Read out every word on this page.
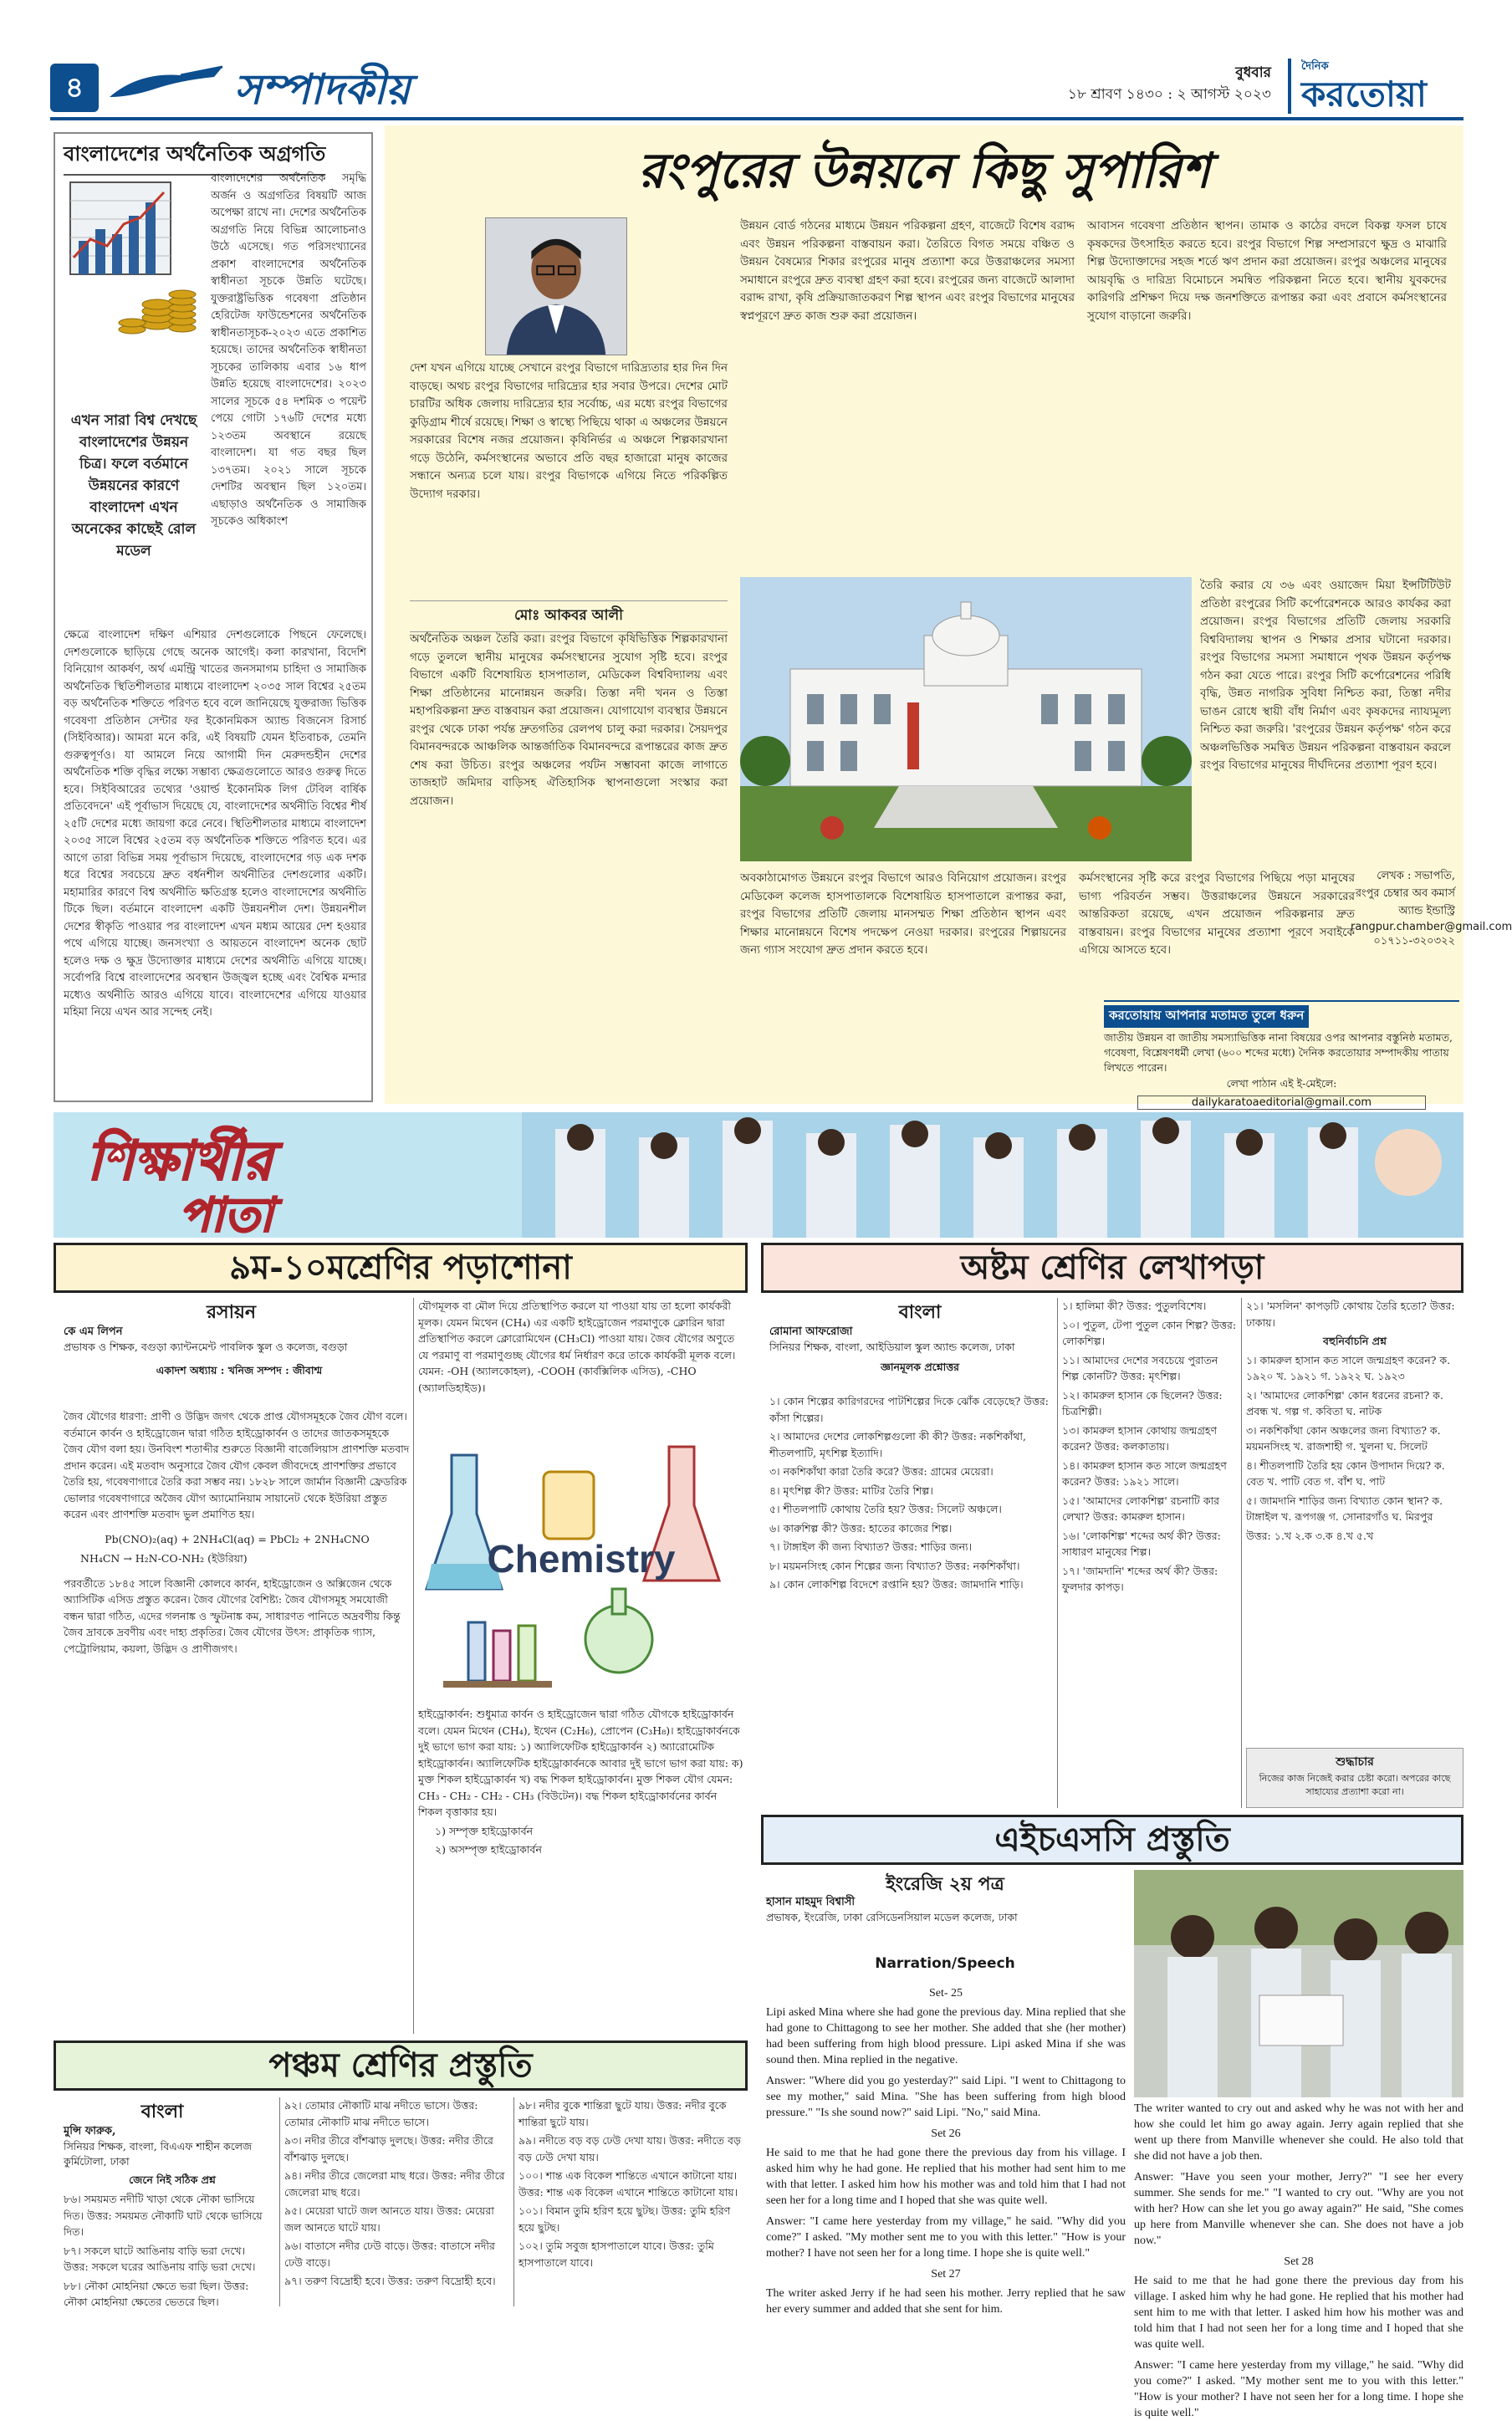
৪	সম্পাদকীয়	বুধবার
১৮ শ্রাবণ ১৪৩০ : ২ আগস্ট ২০২৩
দৈনিক
করতোয়া
বাংলাদেশের অর্থনৈতিক অগ্রগতি
বাংলাদেশের অর্থনৈতিক সমৃদ্ধি অর্জন ও অগ্রগতির বিষয়টি আজ অপেক্ষা রাখে না। দেশের অর্থনৈতিক অগ্রগতি নিয়ে বিভিন্ন আলোচনাও উঠে এসেছে। গত পরিসংখ্যানের প্রকাশ বাংলাদেশের অর্থনৈতিক স্বাধীনতা সূচকে উন্নতি ঘটেছে। যুক্তরাষ্ট্রভিত্তিক গবেষণা প্রতিষ্ঠান হেরিটেজ ফাউন্ডেশনের অর্থনৈতিক স্বাধীনতাসূচক-২০২৩ এতে প্রকাশিত হয়েছে। তাদের অর্থনৈতিক স্বাধীনতা সূচকের তালিকায় এবার ১৬ ধাপ উন্নতি হয়েছে বাংলাদেশের। ২০২৩ সালের সূচকে ৫৪ দশমিক ৩ পয়েন্ট পেয়ে গোটা ১৭৬টি দেশের মধ্যে ১২৩তম অবস্থানে রয়েছে বাংলাদেশ। যা গত বছর ছিল ১৩৭তম। ২০২১ সালে সূচকে দেশটির অবস্থান ছিল ১২০তম। এছাড়াও অর্থনৈতিক ও সামাজিক সূচকেও অধিকাংশ
এখন সারা বিশ্ব দেখছে বাংলাদেশের উন্নয়ন চিত্র। ফলে বর্তমানে উন্নয়নের কারণে বাংলাদেশ এখন অনেকের কাছেই রোল মডেল
ক্ষেত্রে বাংলাদেশ দক্ষিণ এশিয়ার দেশগুলোকে পিছনে ফেলেছে। দেশগুলোকে ছাড়িয়ে গেছে অনেক আগেই। কলা কারখানা, বিদেশি বিনিয়োগ আকর্ষণ, অর্থ এমন্ট্রি খাতের জনসমাগম চাহিদা ও সামাজিক অর্থনৈতিক স্থিতিশীলতার মাধ্যমে বাংলাদেশ ২০৩৫ সাল বিশ্বের ২৫তম বড় অর্থনৈতিক শক্তিতে পরিণত হবে বলে জানিয়েছে যুক্তরাজ্য ভিত্তিক গবেষণা প্রতিষ্ঠান সেন্টার ফর ইকোনমিকস অ্যান্ড বিজনেস রিসার্চ (সিইবিআর)। আমরা মনে করি, এই বিষয়টি যেমন ইতিবাচক, তেমনি গুরুত্বপূর্ণও। যা আমলে নিয়ে আগামী দিন মেরুদন্ডহীন দেশের অর্থনৈতিক শক্তি বৃদ্ধির লক্ষ্যে সম্ভাব্য ক্ষেত্রগুলোতে আরও গুরুত্ব দিতে হবে। সিইবিআরের তথ্যের 'ওয়ার্ল্ড ইকোনমিক লিগ টেবিল বার্ষিক প্রতিবেদনে' এই পূর্বাভাস দিয়েছে যে, বাংলাদেশের অর্থনীতি বিশ্বের শীর্ষ ২৫টি দেশের মধ্যে জায়গা করে নেবে। স্থিতিশীলতার মাধ্যমে বাংলাদেশ ২০৩৫ সালে বিশ্বের ২৫তম বড় অর্থনৈতিক শক্তিতে পরিণত হবে। এর আগে তারা বিভিন্ন সময় পূর্বাভাস দিয়েছে, বাংলাদেশের গড় এক দশক ধরে বিশ্বের সবচেয়ে দ্রুত বর্ধনশীল অর্থনীতির দেশগুলোর একটি। মহামারির কারণে বিশ্ব অর্থনীতি ক্ষতিগ্রস্ত হলেও বাংলাদেশের অর্থনীতি টিকে ছিল। বর্তমানে বাংলাদেশ একটি উন্নয়নশীল দেশ। উন্নয়নশীল দেশের স্বীকৃতি পাওয়ার পর বাংলাদেশ এখন মধ্যম আয়ের দেশ হওয়ার পথে এগিয়ে যাচ্ছে। জনসংখ্যা ও আয়তনে বাংলাদেশ অনেক ছোট হলেও দক্ষ ও ক্ষুদ্র উদ্যোক্তার মাধ্যমে দেশের অর্থনীতি এগিয়ে যাচ্ছে। সর্বোপরি বিশ্বে বাংলাদেশের অবস্থান উজ্জ্বল হচ্ছে এবং বৈশ্বিক মন্দার মধ্যেও অর্থনীতি আরও এগিয়ে যাবে। বাংলাদেশের এগিয়ে যাওয়ার মহিমা নিয়ে এখন আর সন্দেহ নেই।
রংপুরের উন্নয়নে কিছু সুপারিশ
দেশ যখন এগিয়ে যাচ্ছে সেখানে রংপুর বিভাগে দারিদ্র্যতার হার দিন দিন বাড়ছে। অথচ রংপুর বিভাগের দারিদ্র্যের হার সবার উপরে। দেশের মোট চারটির অধিক জেলায় দারিদ্র্যের হার সর্বোচ্চ, এর মধ্যে রংপুর বিভাগের কুড়িগ্রাম শীর্ষে রয়েছে। শিক্ষা ও স্বাস্থ্যে পিছিয়ে থাকা এ অঞ্চলের উন্নয়নে সরকারের বিশেষ নজর প্রয়োজন। কৃষিনির্ভর এ অঞ্চলে শিল্পকারখানা গড়ে উঠেনি, কর্মসংস্থানের অভাবে প্রতি বছর হাজারো মানুষ কাজের সন্ধানে অন্যত্র চলে যায়। রংপুর বিভাগকে এগিয়ে নিতে পরিকল্পিত উদ্যোগ দরকার।
মোঃ আকবর আলী
অর্থনৈতিক অঞ্চল তৈরি করা। রংপুর বিভাগে কৃষিভিত্তিক শিল্পকারখানা গড়ে তুললে স্থানীয় মানুষের কর্মসংস্থানের সুযোগ সৃষ্টি হবে। রংপুর বিভাগে একটি বিশেষায়িত হাসপাতাল, মেডিকেল বিশ্ববিদ্যালয় এবং শিক্ষা প্রতিষ্ঠানের মানোন্নয়ন জরুরি। তিস্তা নদী খনন ও তিস্তা মহাপরিকল্পনা দ্রুত বাস্তবায়ন করা প্রয়োজন। যোগাযোগ ব্যবস্থার উন্নয়নে রংপুর থেকে ঢাকা পর্যন্ত দ্রুতগতির রেলপথ চালু করা দরকার। সৈয়দপুর বিমানবন্দরকে আঞ্চলিক আন্তর্জাতিক বিমানবন্দরে রূপান্তরের কাজ দ্রুত শেষ করা উচিত। রংপুর অঞ্চলের পর্যটন সম্ভাবনা কাজে লাগাতে তাজহাট জমিদার বাড়িসহ ঐতিহাসিক স্থাপনাগুলো সংস্কার করা প্রয়োজন।
উন্নয়ন বোর্ড গঠনের মাধ্যমে উন্নয়ন পরিকল্পনা গ্রহণ, বাজেটে বিশেষ বরাদ্দ এবং উন্নয়ন পরিকল্পনা বাস্তবায়ন করা। তৈরিতে বিগত সময়ে বঞ্চিত ও উন্নয়ন বৈষম্যের শিকার রংপুরের মানুষ প্রত্যাশা করে উত্তরাঞ্চলের সমস্যা সমাধানে রংপুরে দ্রুত ব্যবস্থা গ্রহণ করা হবে। রংপুরের জন্য বাজেটে আলাদা বরাদ্দ রাখা, কৃষি প্রক্রিয়াজাতকরণ শিল্প স্থাপন এবং রংপুর বিভাগের মানুষের স্বপ্নপূরণে দ্রুত কাজ শুরু করা প্রয়োজন।
আবাসন গবেষণা প্রতিষ্ঠান স্থাপন। তামাক ও কাঠের বদলে বিকল্প ফসল চাষে কৃষকদের উৎসাহিত করতে হবে। রংপুর বিভাগে শিল্প সম্প্রসারণে ক্ষুদ্র ও মাঝারি শিল্প উদ্যোক্তাদের সহজ শর্তে ঋণ প্রদান করা প্রয়োজন। রংপুর অঞ্চলের মানুষের আয়বৃদ্ধি ও দারিদ্র্য বিমোচনে সমন্বিত পরিকল্পনা নিতে হবে। স্থানীয় যুবকদের কারিগরি প্রশিক্ষণ দিয়ে দক্ষ জনশক্তিতে রূপান্তর করা এবং প্রবাসে কর্মসংস্থানের সুযোগ বাড়ানো জরুরি।
তৈরি করার যে ৩৬ এবং ওয়াজেদ মিয়া ইন্সটিটিউট প্রতিষ্ঠা রংপুরের সিটি কর্পোরেশনকে আরও কার্যকর করা প্রয়োজন। রংপুর বিভাগের প্রতিটি জেলায় সরকারি বিশ্ববিদ্যালয় স্থাপন ও শিক্ষার প্রসার ঘটানো দরকার। রংপুর বিভাগের সমস্যা সমাধানে পৃথক উন্নয়ন কর্তৃপক্ষ গঠন করা যেতে পারে। রংপুর সিটি কর্পোরেশনের পরিধি বৃদ্ধি, উন্নত নাগরিক সুবিধা নিশ্চিত করা, তিস্তা নদীর ভাঙন রোধে স্থায়ী বাঁধ নির্মাণ এবং কৃষকদের ন্যায্যমূল্য নিশ্চিত করা জরুরি। 'রংপুরের উন্নয়ন কর্তৃপক্ষ' গঠন করে অঞ্চলভিত্তিক সমন্বিত উন্নয়ন পরিকল্পনা বাস্তবায়ন করলে রংপুর বিভাগের মানুষের দীর্ঘদিনের প্রত্যাশা পূরণ হবে।
অবকাঠামোগত উন্নয়নে রংপুর বিভাগে আরও বিনিয়োগ প্রয়োজন। রংপুর মেডিকেল কলেজ হাসপাতালকে বিশেষায়িত হাসপাতালে রূপান্তর করা, রংপুর বিভাগের প্রতিটি জেলায় মানসম্মত শিক্ষা প্রতিষ্ঠান স্থাপন এবং শিক্ষার মানোন্নয়নে বিশেষ পদক্ষেপ নেওয়া দরকার। রংপুরের শিল্পায়নের জন্য গ্যাস সংযোগ দ্রুত প্রদান করতে হবে।
কর্মসংস্থানের সৃষ্টি করে রংপুর বিভাগের পিছিয়ে পড়া মানুষের ভাগ্য পরিবর্তন সম্ভব। উত্তরাঞ্চলের উন্নয়নে সরকারের আন্তরিকতা রয়েছে, এখন প্রয়োজন পরিকল্পনার দ্রুত বাস্তবায়ন। রংপুর বিভাগের মানুষের প্রত্যাশা পূরণে সবাইকে এগিয়ে আসতে হবে।
লেখক : সভাপতি, রংপুর চেম্বার অব কমার্স অ্যান্ড ইন্ডাস্ট্রি
rangpur.chamber@gmail.com
০১৭১১-৩২০৩২২
করতোয়ায় আপনার মতামত তুলে ধরুন
জাতীয় উন্নয়ন বা জাতীয় সমস্যাভিত্তিক নানা বিষয়ের ওপর আপনার বস্তুনিষ্ঠ মতামত, গবেষণা, বিশ্লেষণধর্মী লেখা (৬০০ শব্দের মধ্যে) দৈনিক করতোয়ার সম্পাদকীয় পাতায় লিখতে পারেন।
লেখা পাঠান এই ই-মেইলে:
dailykaratoaeditorial@gmail.com
শিক্ষার্থীর
পাতা
৯ম-১০মশ্রেণির পড়াশোনা	অষ্টম শ্রেণির লেখাপড়া
এইচএসসি প্রস্তুতি
পঞ্চম শ্রেণির প্রস্তুতি
রসায়ন
কে এম লিপন
প্রভাষক ও শিক্ষক, বগুড়া ক্যান্টনমেন্ট পাবলিক স্কুল ও কলেজ, বগুড়া
একাদশ অধ্যায় : খনিজ সম্পদ : জীবাশ্ম

জৈব যৌগের ধারণা: প্রাণী ও উদ্ভিদ জগৎ থেকে প্রাপ্ত যৌগসমূহকে জৈব যৌগ বলে। বর্তমানে কার্বন ও হাইড্রোজেন দ্বারা গঠিত হাইড্রোকার্বন ও তাদের জাতকসমূহকে জৈব যৌগ বলা হয়। উনবিংশ শতাব্দীর শুরুতে বিজ্ঞানী বার্জেলিয়াস প্রাণশক্তি মতবাদ প্রদান করেন। এই মতবাদ অনুসারে জৈব যৌগ কেবল জীবদেহে প্রাণশক্তির প্রভাবে তৈরি হয়, গবেষণাগারে তৈরি করা সম্ভব নয়। ১৮২৮ সালে জার্মান বিজ্ঞানী ফ্রেডরিক ভোলার গবেষণাগারে অজৈব যৌগ অ্যামোনিয়াম সায়ানেট থেকে ইউরিয়া প্রস্তুত করেন এবং প্রাণশক্তি মতবাদ ভুল প্রমাণিত হয়।

Pb(CNO)₂(aq) + 2NH₄Cl(aq) = PbCl₂ + 2NH₄CNO

NH₄CN → H₂N-CO-NH₂ (ইউরিয়া)

পরবর্তীতে ১৮৪৫ সালে বিজ্ঞানী কোলবে কার্বন, হাইড্রোজেন ও অক্সিজেন থেকে অ্যাসিটিক এসিড প্রস্তুত করেন। জৈব যৌগের বৈশিষ্ট্য: জৈব যৌগসমূহ সমযোজী বন্ধন দ্বারা গঠিত, এদের গলনাঙ্ক ও স্ফুটনাঙ্ক কম, সাধারণত পানিতে অদ্রবণীয় কিন্তু জৈব দ্রাবকে দ্রবণীয় এবং দাহ্য প্রকৃতির। জৈব যৌগের উৎস: প্রাকৃতিক গ্যাস, পেট্রোলিয়াম, কয়লা, উদ্ভিদ ও প্রাণীজগৎ।

যৌগমূলক বা মৌল দিয়ে প্রতিস্থাপিত করলে যা পাওয়া যায় তা হলো কার্যকরী মূলক। যেমন মিথেন (CH₄) এর একটি হাইড্রোজেন পরমাণুকে ক্লোরিন দ্বারা প্রতিস্থাপিত করলে ক্লোরোমিথেন (CH₃Cl) পাওয়া যায়। জৈব যৌগের অণুতে যে পরমাণু বা পরমাণুগুচ্ছ যৌগের ধর্ম নির্ধারণ করে তাকে কার্যকরী মূলক বলে। যেমন: -OH (অ্যালকোহল), -COOH (কার্বক্সিলিক এসিড), -CHO (অ্যালডিহাইড)।
Chemistry

হাইড্রোকার্বন: শুধুমাত্র কার্বন ও হাইড্রোজেন দ্বারা গঠিত যৌগকে হাইড্রোকার্বন বলে। যেমন মিথেন (CH₄), ইথেন (C₂H₆), প্রোপেন (C₃H₈)। হাইড্রোকার্বনকে দুই ভাগে ভাগ করা যায়: ১) অ্যালিফেটিক হাইড্রোকার্বন ২) অ্যারোমেটিক হাইড্রোকার্বন। অ্যালিফেটিক হাইড্রোকার্বনকে আবার দুই ভাগে ভাগ করা যায়: ক) মুক্ত শিকল হাইড্রোকার্বন খ) বদ্ধ শিকল হাইড্রোকার্বন। মুক্ত শিকল যৌগ যেমন: CH₃ - CH₂ - CH₂ - CH₃ (বিউটেন)। বদ্ধ শিকল হাইড্রোকার্বনের কার্বন শিকল বৃত্তাকার হয়।

১) সম্পৃক্ত হাইড্রোকার্বন

২) অসম্পৃক্ত হাইড্রোকার্বন

বাংলা
রোমানা আফরোজা
সিনিয়র শিক্ষক, বাংলা, আইডিয়াল স্কুল অ্যান্ড কলেজ, ঢাকা
জ্ঞানমূলক প্রশ্নোত্তর

১। কোন শিল্পের কারিগরদের পাটশিল্পের দিকে ঝোঁক বেড়েছে? উত্তর: কাঁসা শিল্পের।

২। আমাদের দেশের লোকশিল্পগুলো কী কী? উত্তর: নকশিকাঁথা, শীতলপাটি, মৃৎশিল্প ইত্যাদি।

৩। নকশিকাঁথা কারা তৈরি করে? উত্তর: গ্রামের মেয়েরা।

৪। মৃৎশিল্প কী? উত্তর: মাটির তৈরি শিল্প।

৫। শীতলপাটি কোথায় তৈরি হয়? উত্তর: সিলেট অঞ্চলে।

৬। কারুশিল্প কী? উত্তর: হাতের কাজের শিল্প।

৭। টাঙ্গাইল কী জন্য বিখ্যাত? উত্তর: শাড়ির জন্য।

৮। ময়মনসিংহ কোন শিল্পের জন্য বিখ্যাত? উত্তর: নকশিকাঁথা।

৯। কোন লোকশিল্প বিদেশে রপ্তানি হয়? উত্তর: জামদানি শাড়ি।

১। হালিমা কী? উত্তর: পুতুলবিশেষ।

১০। পুতুল, টেপা পুতুল কোন শিল্প? উত্তর: লোকশিল্প।

১১। আমাদের দেশের সবচেয়ে পুরাতন শিল্প কোনটি? উত্তর: মৃৎশিল্প।

১২। কামরুল হাসান কে ছিলেন? উত্তর: চিত্রশিল্পী।

১৩। কামরুল হাসান কোথায় জন্মগ্রহণ করেন? উত্তর: কলকাতায়।

১৪। কামরুল হাসান কত সালে জন্মগ্রহণ করেন? উত্তর: ১৯২১ সালে।

১৫। 'আমাদের লোকশিল্প' রচনাটি কার লেখা? উত্তর: কামরুল হাসান।

১৬। 'লোকশিল্প' শব্দের অর্থ কী? উত্তর: সাধারণ মানুষের শিল্প।

১৭। 'জামদানি' শব্দের অর্থ কী? উত্তর: ফুলদার কাপড়।

২১। 'মসলিন' কাপড়টি কোথায় তৈরি হতো? উত্তর: ঢাকায়।

বহুনির্বাচনি প্রশ্ন

১। কামরুল হাসান কত সালে জন্মগ্রহণ করেন? ক. ১৯২০ খ. ১৯২১ গ. ১৯২২ ঘ. ১৯২৩

২। 'আমাদের লোকশিল্প' কোন ধরনের রচনা? ক. প্রবন্ধ খ. গল্প গ. কবিতা ঘ. নাটক

৩। নকশিকাঁথা কোন অঞ্চলের জন্য বিখ্যাত? ক. ময়মনসিংহ খ. রাজশাহী গ. খুলনা ঘ. সিলেট

৪। শীতলপাটি তৈরি হয় কোন উপাদান দিয়ে? ক. বেত খ. পাটি বেত গ. বাঁশ ঘ. পাট

৫। জামদানি শাড়ির জন্য বিখ্যাত কোন স্থান? ক. টাঙ্গাইল খ. রূপগঞ্জ গ. সোনারগাঁও ঘ. মিরপুর

উত্তর: ১.খ ২.ক ৩.ক ৪.খ ৫.খ

শুদ্ধাচার
নিজের কাজ নিজেই করার চেষ্টা করো। অপরের কাছে সাহায্যের প্রত্যাশা করো না।
ইংরেজি ২য় পত্র
হাসান মাহমুদ বিশ্বাসী
প্রভাষক, ইংরেজি, ঢাকা রেসিডেনসিয়াল মডেল কলেজ, ঢাকা
Narration/Speech

Set- 25

Lipi asked Mina where she had gone the previous day. Mina replied that she had gone to Chittagong to see her mother. She added that she (her mother) had been suffering from high blood pressure. Lipi asked Mina if she was sound then. Mina replied in the negative.

Answer: "Where did you go yesterday?" said Lipi. "I went to Chittagong to see my mother," said Mina. "She has been suffering from high blood pressure." "Is she sound now?" said Lipi. "No," said Mina.

Set 26

He said to me that he had gone there the previous day from his village. I asked him why he had gone. He replied that his mother had sent him to me with that letter. I asked him how his mother was and told him that I had not seen her for a long time and I hoped that she was quite well.

Answer: "I came here yesterday from my village," he said. "Why did you come?" I asked. "My mother sent me to you with this letter." "How is your mother? I have not seen her for a long time. I hope she is quite well."

Set 27

The writer asked Jerry if he had seen his mother. Jerry replied that he saw her every summer and added that she sent for him.

The writer wanted to cry out and asked why he was not with her and how she could let him go away again. Jerry again replied that she went up there from Manville whenever she could. He also told that she did not have a job then.

Answer: "Have you seen your mother, Jerry?" "I see her every summer. She sends for me." "I wanted to cry out. "Why are you not with her? How can she let you go away again?" He said, "She comes up here from Manville whenever she can. She does not have a job now."

Set 28

He said to me that he had gone there the previous day from his village. I asked him why he had gone. He replied that his mother had sent him to me with that letter. I asked him how his mother was and told him that I had not seen her for a long time and I hoped that she was quite well.

Answer: "I came here yesterday from my village," he said. "Why did you come?" I asked. "My mother sent me to you with this letter." "How is your mother? I have not seen her for a long time. I hope she is quite well."

বাংলা
মুন্সি ফারুক,
সিনিয়র শিক্ষক, বাংলা, বিএএফ শাহীন কলেজ কুর্মিটোলা, ঢাকা
জেনে নিই সঠিক প্রশ্ন

৮৬। সময়মত নদীটি খাড়া থেকে নৌকা ভাসিয়ে দিত। উত্তর: সময়মত নৌকাটি ঘাট থেকে ভাসিয়ে দিত।

৮৭। সকলে ঘাটে আঙিনায় বাড়ি ভরা দেখে। উত্তর: সকলে ঘরের আঙিনায় বাড়ি ভরা দেখে।

৮৮। নৌকা মোহনিয়া ক্ষেতে ভরা ছিল। উত্তর: নৌকা মোহনিয়া ক্ষেতের ভেতরে ছিল।

৯২। তোমার নৌকাটি মাঝ নদীতে ভাসে। উত্তর: তোমার নৌকাটি মাঝ নদীতে ভাসে।

৯৩। নদীর তীরে বাঁশঝাড় দুলছে। উত্তর: নদীর তীরে বাঁশঝাড় দুলছে।

৯৪। নদীর তীরে জেলেরা মাছ ধরে। উত্তর: নদীর তীরে জেলেরা মাছ ধরে।

৯৫। মেয়েরা ঘাটে জল আনতে যায়। উত্তর: মেয়েরা জল আনতে ঘাটে যায়।

৯৬। বাতাসে নদীর ঢেউ বাড়ে। উত্তর: বাতাসে নদীর ঢেউ বাড়ে।

৯৭। তরুণ বিদ্রোহী হবে। উত্তর: তরুণ বিদ্রোহী হবে।

৯৮। নদীর বুকে শান্তিরা ছুটে যায়। উত্তর: নদীর বুকে শান্তিরা ছুটে যায়।

৯৯। নদীতে বড় বড় ঢেউ দেখা যায়। উত্তর: নদীতে বড় বড় ঢেউ দেখা যায়।

১০০। শান্ত এক বিকেল শান্তিতে এখানে কাটানো যায়। উত্তর: শান্ত এক বিকেল এখানে শান্তিতে কাটানো যায়।

১০১। বিমান তুমি হরিণ হয়ে ছুটছ। উত্তর: তুমি হরিণ হয়ে ছুটছ।

১০২। তুমি সবুজ হাসপাতালে যাবে। উত্তর: তুমি হাসপাতালে যাবে।
